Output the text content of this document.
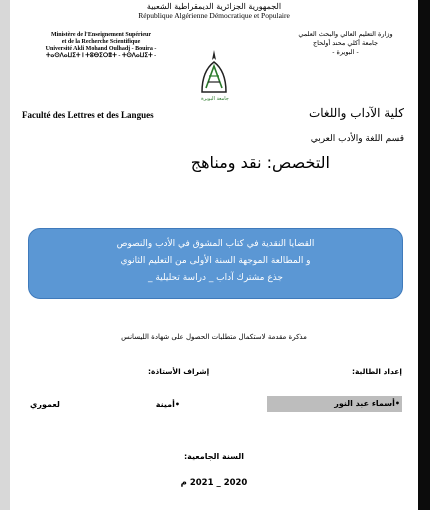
الجمهورية الجزائرية الديمقراطية الشعبية
République Algérienne Démocratique et Populaire
Ministère de l'Enseignement Supérieur
et de la Recherche Scientifique
Université Akli Mohand Oulhadj - Bouira -
ⵜⴰⵙⴷⴰⵡⵉⵜ ⵏ ⵜⵓⴱⵉⵔⴻⵜ - ⵜⵙⴷⴰⵡⵉⵜ -
وزارة التعليم العالي والبحث العلمي
جامعة أكلي محند أولحاج
- البويرة -
جامعة البويرة
Faculté des Lettres et des Langues	كلية الآداب واللغات
قسم اللغة والأدب العربي
التخصص: نقد ومناهج
القضايا النقدية في كتاب المشوق في الأدب والنصوص
و المطالعة الموجهة السنة الأولى من التعليم الثانوي
جذع مشترك آداب _ دراسة تحليلية _
مذكرة مقدمة لاستكمال متطلبات الحصول على شهادة الليسانس
إعداد الطالبة:
إشراف الأستاذة:
•أسماء عبد النور
•أمينة
لعموري
السنة الجامعية:
2020 _ 2021 م
